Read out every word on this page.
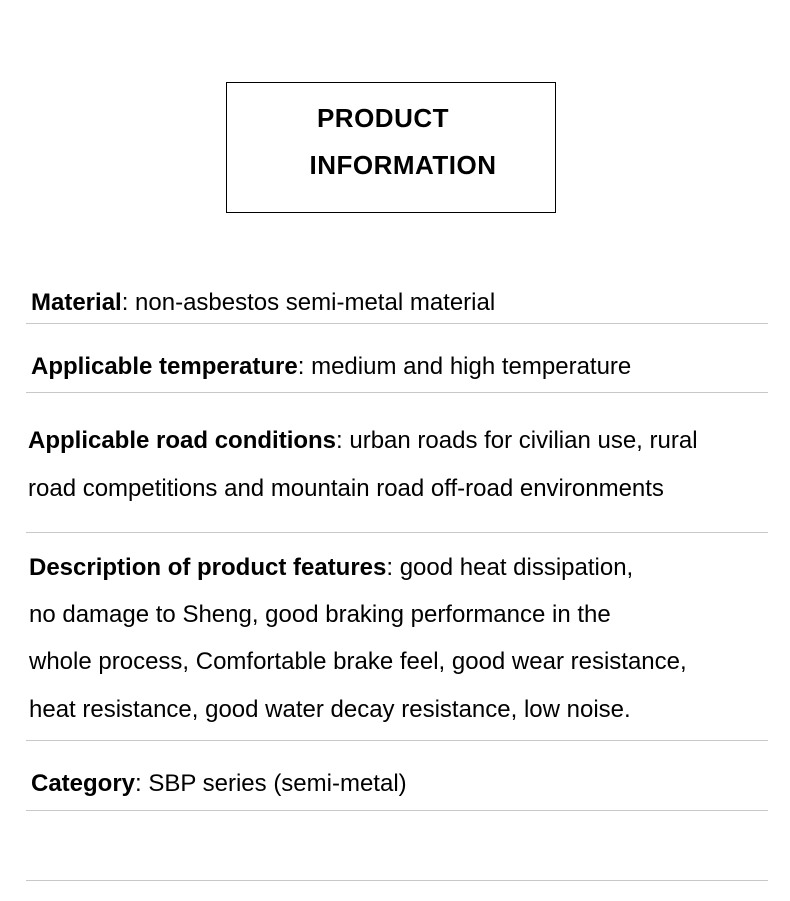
PRODUCT
INFORMATION
Material: non-asbestos semi-metal material
Applicable temperature: medium and high temperature
Applicable road conditions: urban roads for civilian use, rural
road competitions and mountain road off-road environments
Description of product features: good heat dissipation,
no damage to Sheng, good braking performance in the
whole process, Comfortable brake feel, good wear resistance,
heat resistance, good water decay resistance, low noise.
Category: SBP series (semi-metal)
